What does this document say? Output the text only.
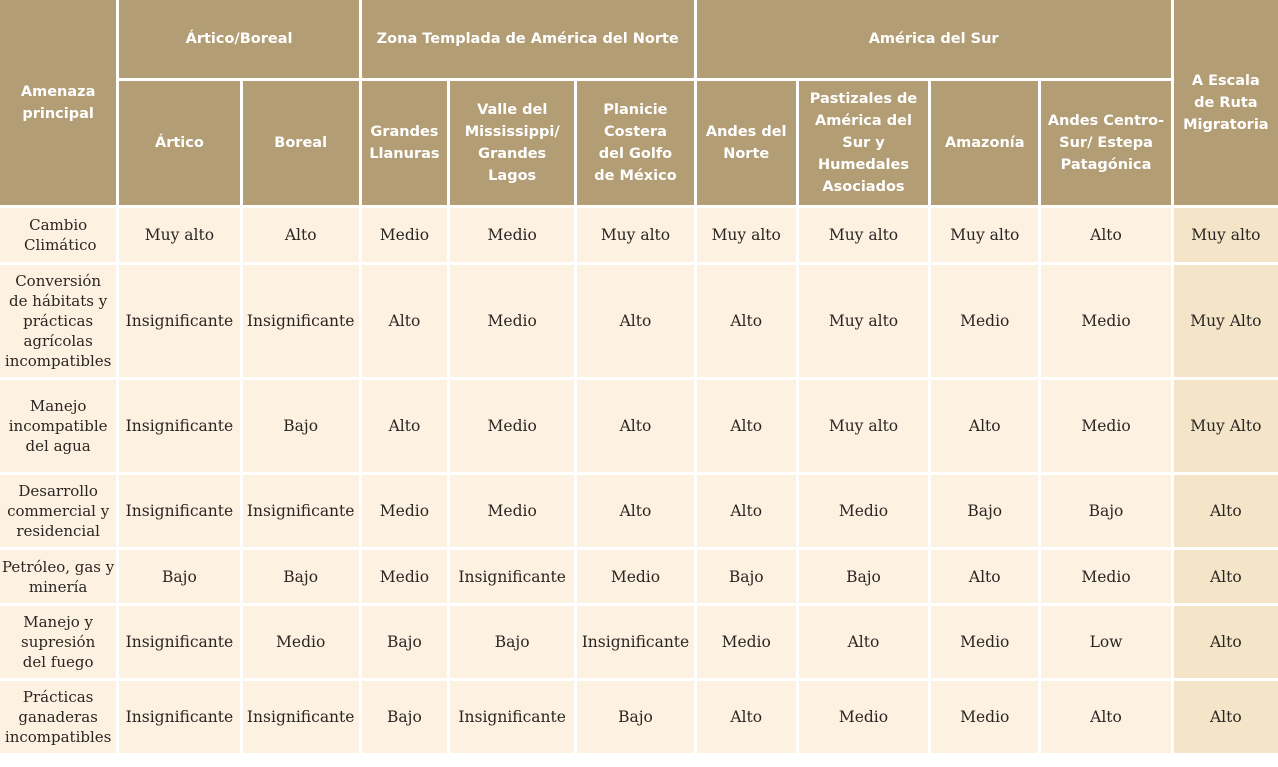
Amenaza principal	Ártico/Boreal		Zona Templada de América del Norte			América del Sur				A Escala de Ruta Migratoria
	Ártico	Boreal	Grandes Llanuras	Valle del Mississippi/ Grandes Lagos	Planicie Costera del Golfo de México	Andes del Norte	Pastizales de América del Sur y Humedales Asociados	Amazonía	Andes Centro-Sur/ Estepa Patagónica	
Cambio Climático	Muy alto	Alto	Medio	Medio	Muy alto	Muy alto	Muy alto	Muy alto	Alto	Muy alto
Conversión de hábitats y prácticas agrícolas incompatibles	Insignificante	Insignificante	Alto	Medio	Alto	Alto	Muy alto	Medio	Medio	Muy Alto
Manejo incompatible del agua	Insignificante	Bajo	Alto	Medio	Alto	Alto	Muy alto	Alto	Medio	Muy Alto
Desarrollo commercial y residencial	Insignificante	Insignificante	Medio	Medio	Alto	Alto	Medio	Bajo	Bajo	Alto
Petróleo, gas y minería	Bajo	Bajo	Medio	Insignificante	Medio	Bajo	Bajo	Alto	Medio	Alto
Manejo y supresión del fuego	Insignificante	Medio	Bajo	Bajo	Insignificante	Medio	Alto	Medio	Low	Alto
Prácticas ganaderas incompatibles	Insignificante	Insignificante	Bajo	Insignificante	Bajo	Alto	Medio	Medio	Alto	Alto
